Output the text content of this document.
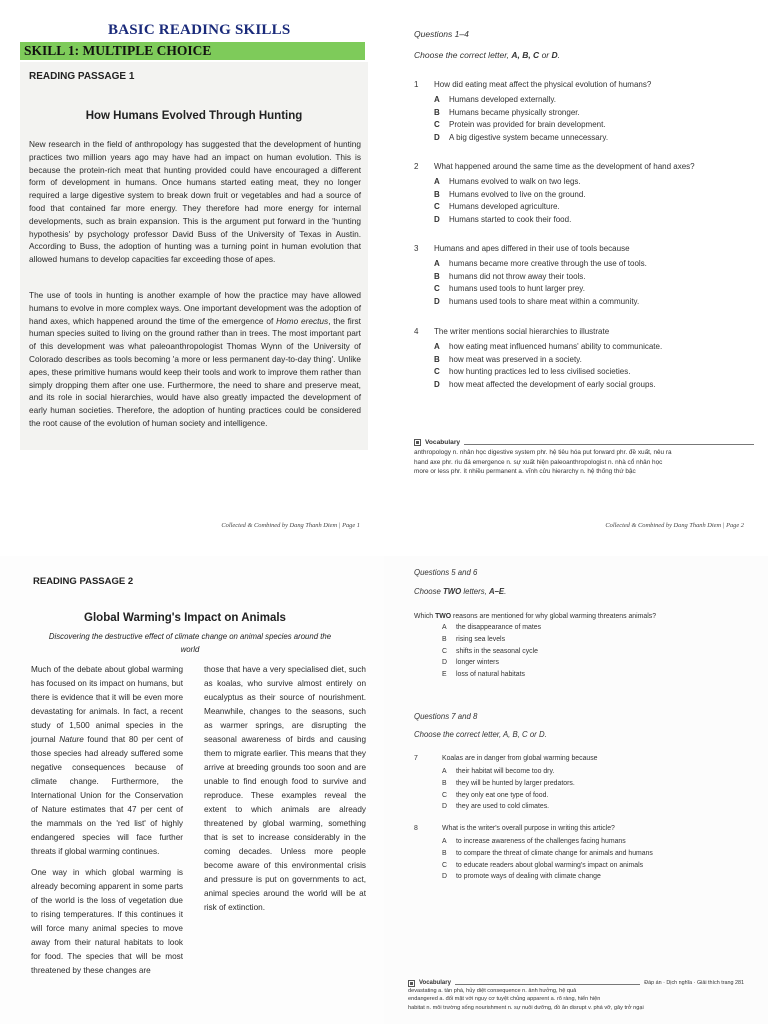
BASIC READING SKILLS
SKILL 1: MULTIPLE CHOICE
READING PASSAGE 1
How Humans Evolved Through Hunting
New research in the field of anthropology has suggested that the development of hunting practices two million years ago may have had an impact on human evolution. This is because the protein-rich meat that hunting provided could have encouraged a different form of development in humans. Once humans started eating meat, they no longer required a large digestive system to break down fruit or vegetables and had a source of food that contained far more energy. They therefore had more energy for internal developments, such as brain expansion. This is the argument put forward in the 'hunting hypothesis' by psychology professor David Buss of the University of Texas in Austin. According to Buss, the adoption of hunting was a turning point in human evolution that allowed humans to develop capacities far exceeding those of apes.
The use of tools in hunting is another example of how the practice may have allowed humans to evolve in more complex ways. One important development was the adoption of hand axes, which happened around the time of the emergence of Homo erectus, the first human species suited to living on the ground rather than in trees. The most important part of this development was what paleoanthropologist Thomas Wynn of the University of Colorado describes as tools becoming 'a more or less permanent day-to-day thing'. Unlike apes, these primitive humans would keep their tools and work to improve them rather than simply dropping them after one use. Furthermore, the need to share and preserve meat, and its role in social hierarchies, would have also greatly impacted the development of early human societies. Therefore, the adoption of hunting practices could be considered the root cause of the evolution of human society and intelligence.
Collected & Combined by Dang Thanh Diem | Page 1
Questions 1–4
Choose the correct letter, A, B, C or D.
1 How did eating meat affect the physical evolution of humans?
A	Humans developed externally.
B	Humans became physically stronger.
C	Protein was provided for brain development.
D	A big digestive system became unnecessary.
2 What happened around the same time as the development of hand axes?
A	Humans evolved to walk on two legs.
B	Humans evolved to live on the ground.
C	Humans developed agriculture.
D	Humans started to cook their food.
3 Humans and apes differed in their use of tools because
A	humans became more creative through the use of tools.
B	humans did not throw away their tools.
C	humans used tools to hunt larger prey.
D	humans used tools to share meat within a community.
4 The writer mentions social hierarchies to illustrate
A	how eating meat influenced humans' ability to communicate.
B	how meat was preserved in a society.
C	how hunting practices led to less civilised societies.
D	how meat affected the development of early social groups.
Vocabulary
anthropology n. nhân học digestive system phr. hệ tiêu hóa put forward phr. đề xuất, nêu ra
hand axe phr. rìu đá emergence n. sự xuất hiện paleoanthropologist n. nhà cổ nhân học
more or less phr. ít nhiều permanent a. vĩnh cửu hierarchy n. hệ thống thứ bậc
Collected & Combined by Dang Thanh Diem | Page 2
READING PASSAGE 2
Global Warming's Impact on Animals
Discovering the destructive effect of climate change on animal species around the world

Much of the debate about global warming has focused on its impact on humans, but there is evidence that it will be even more devastating for animals. In fact, a recent study of 1,500 animal species in the journal Nature found that 80 per cent of those species had already suffered some negative consequences because of climate change. Furthermore, the International Union for the Conservation of Nature estimates that 47 per cent of the mammals on the 'red list' of highly endangered species will face further threats if global warming continues.

One way in which global warming is already becoming apparent in some parts of the world is the loss of vegetation due to rising temperatures. If this continues it will force many animal species to move away from their natural habitats to look for food. The species that will be most threatened by these changes are

those that have a very specialised diet, such as koalas, who survive almost entirely on eucalyptus as their source of nourishment. Meanwhile, changes to the seasons, such as warmer springs, are disrupting the seasonal awareness of birds and causing them to migrate earlier. This means that they arrive at breeding grounds too soon and are unable to find enough food to survive and reproduce. These examples reveal the extent to which animals are already threatened by global warming, something that is set to increase considerably in the coming decades. Unless more people become aware of this environmental crisis and pressure is put on governments to act, animal species around the world will be at risk of extinction.

Questions 5 and 6
Choose TWO letters, A–E.
Which TWO reasons are mentioned for why global warming threatens animals?
A	the disappearance of mates
B	rising sea levels
C	shifts in the seasonal cycle
D	longer winters
E	loss of natural habitats
Questions 7 and 8
Choose the correct letter, A, B, C or D.
7	Koalas are in danger from global warming because
A	their habitat will become too dry.
B	they will be hunted by larger predators.
C	they only eat one type of food.
D	they are used to cold climates.
8	What is the writer's overall purpose in writing this article?
A	to increase awareness of the challenges facing humans
B	to compare the threat of climate change for animals and humans
C	to educate readers about global warming's impact on animals
D	to promote ways of dealing with climate change
Vocabulary	Đáp án · Dịch nghĩa · Giải thích trang 281
devastating a. tàn phá, hủy diệt consequence n. ảnh hưởng, hệ quả
endangered a. đối mặt với nguy cơ tuyệt chủng apparent a. rõ ràng, hiển hiện
habitat n. môi trường sống nourishment n. sự nuôi dưỡng, đồ ăn disrupt v. phá vỡ, gây trở ngại
